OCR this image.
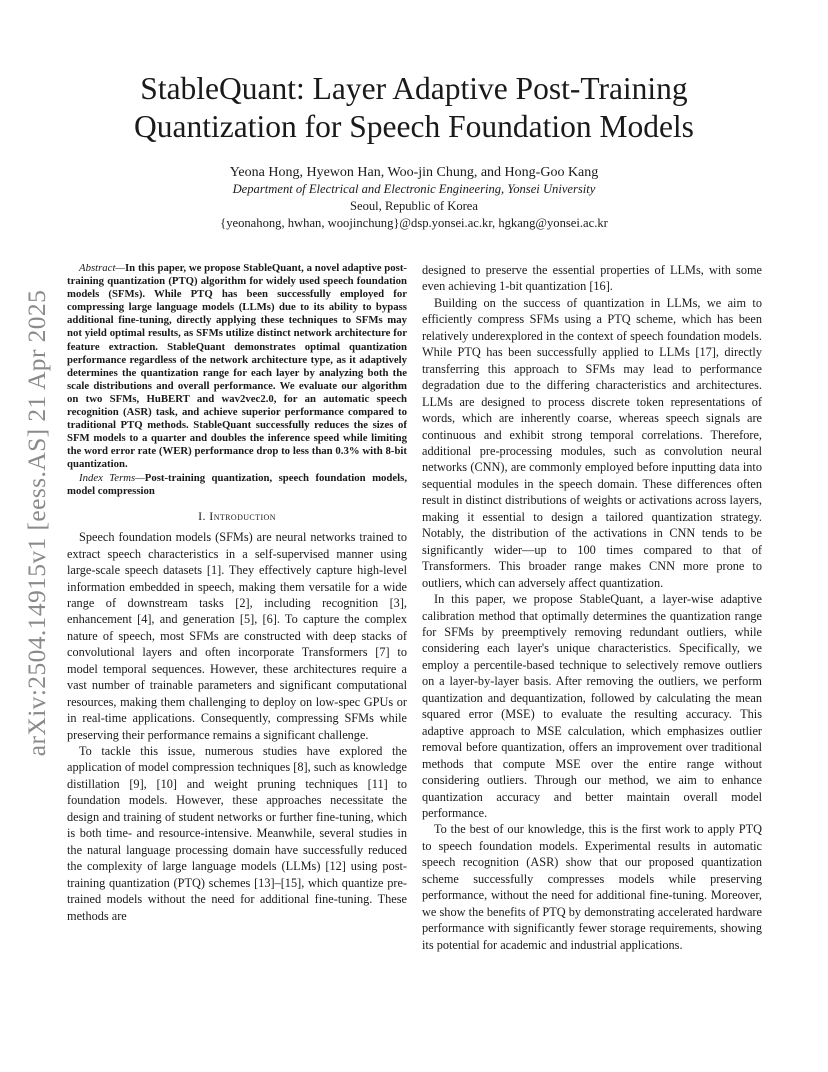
arXiv:2504.14915v1 [eess.AS] 21 Apr 2025
StableQuant: Layer Adaptive Post-Training
Quantization for Speech Foundation Models

Yeona Hong, Hyewon Han, Woo-jin Chung, and Hong-Goo Kang

Department of Electrical and Electronic Engineering, Yonsei University

Seoul, Republic of Korea

{yeonahong, hwhan, woojinchung}@dsp.yonsei.ac.kr, hgkang@yonsei.ac.kr

Abstract—In this paper, we propose StableQuant, a novel adaptive post-training quantization (PTQ) algorithm for widely used speech foundation models (SFMs). While PTQ has been successfully employed for compressing large language models (LLMs) due to its ability to bypass additional fine-tuning, directly applying these techniques to SFMs may not yield optimal results, as SFMs utilize distinct network architecture for feature extraction. StableQuant demonstrates optimal quantization performance regardless of the network architecture type, as it adaptively determines the quantization range for each layer by analyzing both the scale distributions and overall performance. We evaluate our algorithm on two SFMs, HuBERT and wav2vec2.0, for an automatic speech recognition (ASR) task, and achieve superior performance compared to traditional PTQ methods. StableQuant successfully reduces the sizes of SFM models to a quarter and doubles the inference speed while limiting the word error rate (WER) performance drop to less than 0.3% with 8-bit quantization.

Index Terms—Post-training quantization, speech foundation models, model compression

I. Introduction

Speech foundation models (SFMs) are neural networks trained to extract speech characteristics in a self-supervised manner using large-scale speech datasets [1]. They effectively capture high-level information embedded in speech, making them versatile for a wide range of downstream tasks [2], including recognition [3], enhancement [4], and generation [5], [6]. To capture the complex nature of speech, most SFMs are constructed with deep stacks of convolutional layers and often incorporate Transformers [7] to model temporal sequences. However, these architectures require a vast number of trainable parameters and significant computational resources, making them challenging to deploy on low-spec GPUs or in real-time applications. Consequently, compressing SFMs while preserving their performance remains a significant challenge.

To tackle this issue, numerous studies have explored the application of model compression techniques [8], such as knowledge distillation [9], [10] and weight pruning techniques [11] to foundation models. However, these approaches necessitate the design and training of student networks or further fine-tuning, which is both time- and resource-intensive. Meanwhile, several studies in the natural language processing domain have successfully reduced the complexity of large language models (LLMs) [12] using post-training quantization (PTQ) schemes [13]–[15], which quantize pre-trained models without the need for additional fine-tuning. These methods are

designed to preserve the essential properties of LLMs, with some even achieving 1-bit quantization [16].

Building on the success of quantization in LLMs, we aim to efficiently compress SFMs using a PTQ scheme, which has been relatively underexplored in the context of speech foundation models. While PTQ has been successfully applied to LLMs [17], directly transferring this approach to SFMs may lead to performance degradation due to the differing characteristics and architectures. LLMs are designed to process discrete token representations of words, which are inherently coarse, whereas speech signals are continuous and exhibit strong temporal correlations. Therefore, additional pre-processing modules, such as convolution neural networks (CNN), are commonly employed before inputting data into sequential modules in the speech domain. These differences often result in distinct distributions of weights or activations across layers, making it essential to design a tailored quantization strategy. Notably, the distribution of the activations in CNN tends to be significantly wider—up to 100 times compared to that of Transformers. This broader range makes CNN more prone to outliers, which can adversely affect quantization.

In this paper, we propose StableQuant, a layer-wise adaptive calibration method that optimally determines the quantization range for SFMs by preemptively removing redundant outliers, while considering each layer's unique characteristics. Specifically, we employ a percentile-based technique to selectively remove outliers on a layer-by-layer basis. After removing the outliers, we perform quantization and dequantization, followed by calculating the mean squared error (MSE) to evaluate the resulting accuracy. This adaptive approach to MSE calculation, which emphasizes outlier removal before quantization, offers an improvement over traditional methods that compute MSE over the entire range without considering outliers. Through our method, we aim to enhance quantization accuracy and better maintain overall model performance.

To the best of our knowledge, this is the first work to apply PTQ to speech foundation models. Experimental results in automatic speech recognition (ASR) show that our proposed quantization scheme successfully compresses models while preserving performance, without the need for additional fine-tuning. Moreover, we show the benefits of PTQ by demonstrating accelerated hardware performance with significantly fewer storage requirements, showing its potential for academic and industrial applications.
